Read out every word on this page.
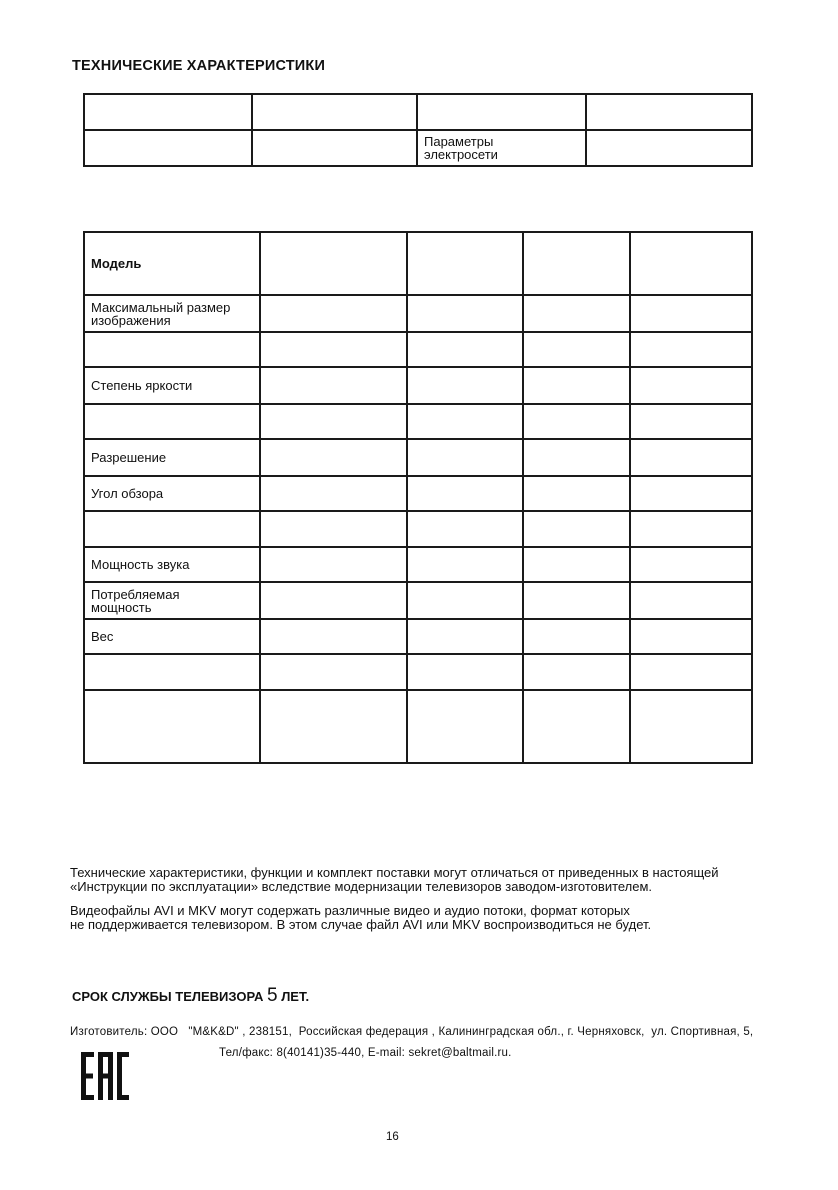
ТЕХНИЧЕСКИЕ ХАРАКТЕРИСТИКИ

		Параметры
электросети	
Модель				
Максимальный размер
изображения				

Степень яркости				

Разрешение				
Угол обзора				

Мощность звука				
Потребляемая
мощность				
Вес				

Технические характеристики, функции и комплект поставки могут отличаться от приведенных в настоящей
«Инструкции по эксплуатации» вследствие модернизации телевизоров заводом-изготовителем.
Видеофайлы AVI и MKV могут содержать различные видео и аудио потоки, формат которых
не поддерживается телевизором. В этом случае файл AVI или MKV воспроизводиться не будет.
СРОК СЛУЖБЫ ТЕЛЕВИЗОРА 5 ЛЕТ.
Изготовитель: ООО   "M&K&D" , 238151,  Российская федерация , Калининградская обл., г. Черняховск,  ул. Спортивная, 5,
Тел/факс: 8(40141)35-440, E-mail: sekret@baltmail.ru.
16
